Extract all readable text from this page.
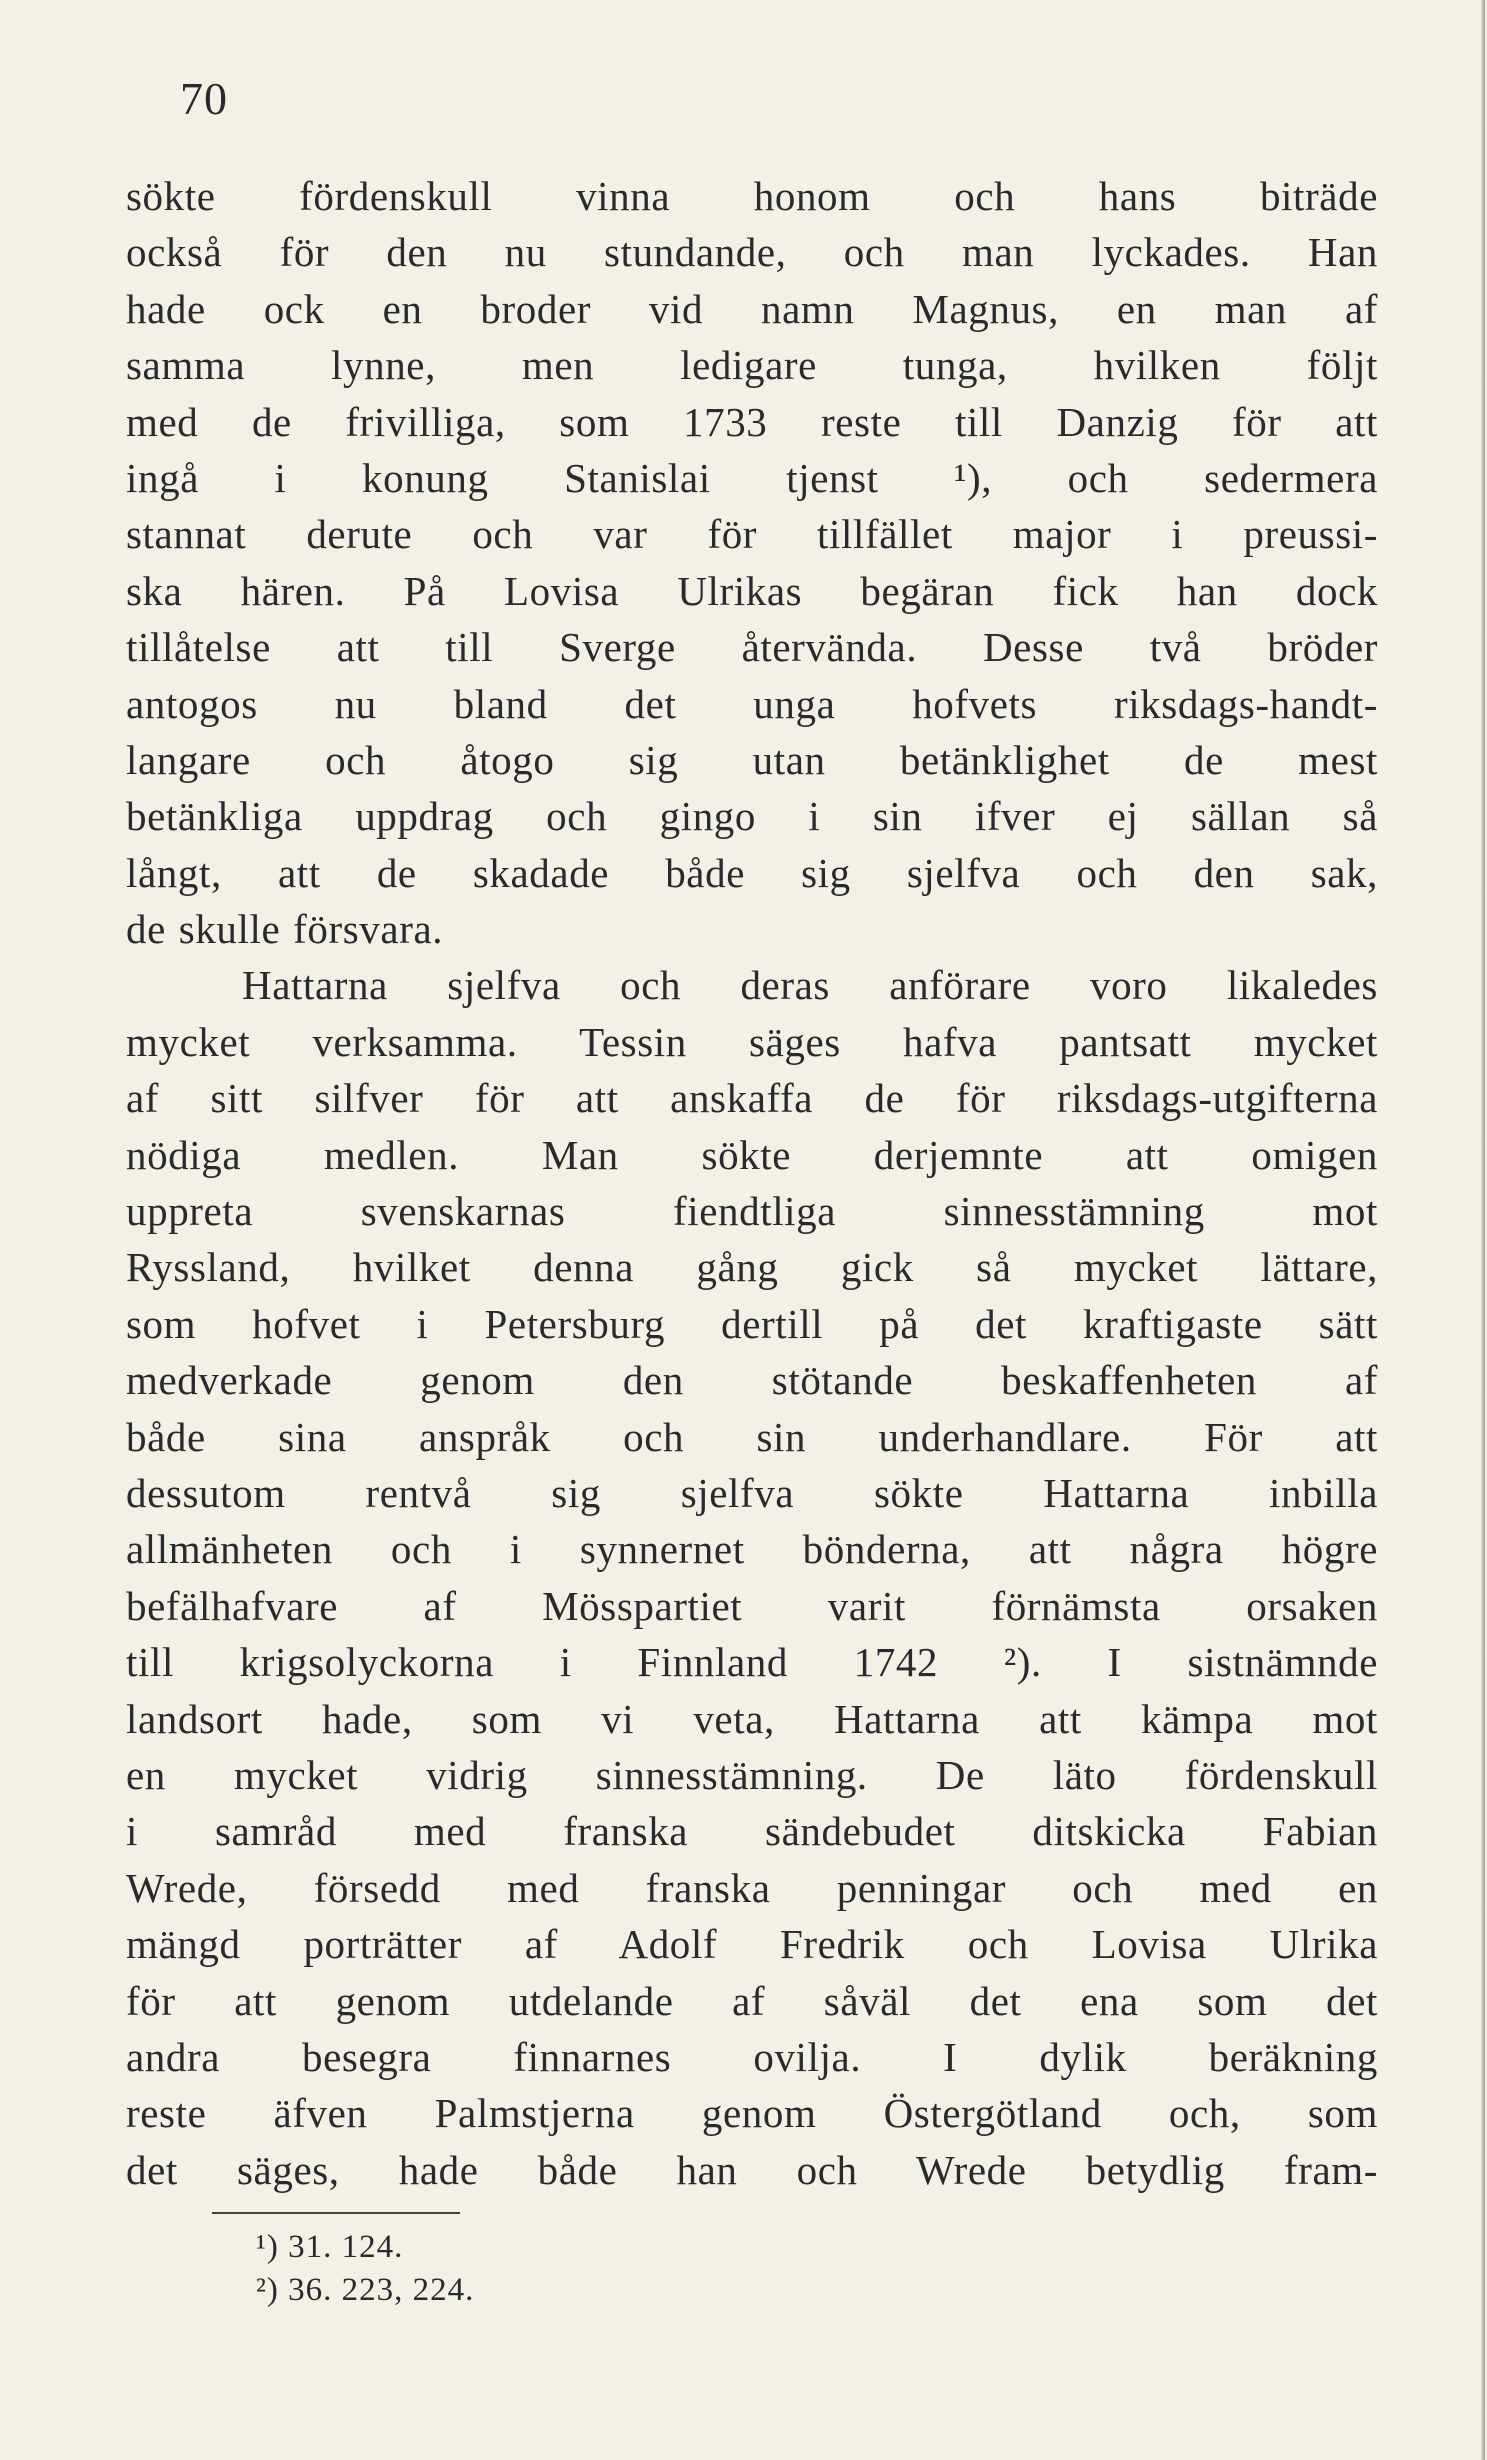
70
sökte fördenskull vinna honom och hans biträde
också för den nu stundande, och man lyckades. Han
hade ock en broder vid namn Magnus, en man af
samma lynne, men ledigare tunga, hvilken följt
med de frivilliga, som 1733 reste till Danzig för att
ingå i konung Stanislai tjenst ¹), och sedermera
stannat derute och var för tillfället major i preussi-
ska hären. På Lovisa Ulrikas begäran fick han dock
tillåtelse att till Sverge återvända. Desse två bröder
antogos nu bland det unga hofvets riksdags-handt-
langare och åtogo sig utan betänklighet de mest
betänkliga uppdrag och gingo i sin ifver ej sällan så
långt, att de skadade både sig sjelfva och den sak,
de skulle försvara.
Hattarna sjelfva och deras anförare voro likaledes
mycket verksamma. Tessin säges hafva pantsatt mycket
af sitt silfver för att anskaffa de för riksdags-utgifterna
nödiga medlen. Man sökte derjemnte att omigen
uppreta svenskarnas fiendtliga sinnesstämning mot
Ryssland, hvilket denna gång gick så mycket lättare,
som hofvet i Petersburg dertill på det kraftigaste sätt
medverkade genom den stötande beskaffenheten af
både sina anspråk och sin underhandlare. För att
dessutom rentvå sig sjelfva sökte Hattarna inbilla
allmänheten och i synnernet bönderna, att några högre
befälhafvare af Mösspartiet varit förnämsta orsaken
till krigsolyckorna i Finnland 1742 ²). I sistnämnde
landsort hade, som vi veta, Hattarna att kämpa mot
en mycket vidrig sinnesstämning. De läto fördenskull
i samråd med franska sändebudet ditskicka Fabian
Wrede, försedd med franska penningar och med en
mängd porträtter af Adolf Fredrik och Lovisa Ulrika
för att genom utdelande af såväl det ena som det
andra besegra finnarnes ovilja. I dylik beräkning
reste äfven Palmstjerna genom Östergötland och, som
det säges, hade både han och Wrede betydlig fram-
¹) 31. 124.
²) 36. 223, 224.
